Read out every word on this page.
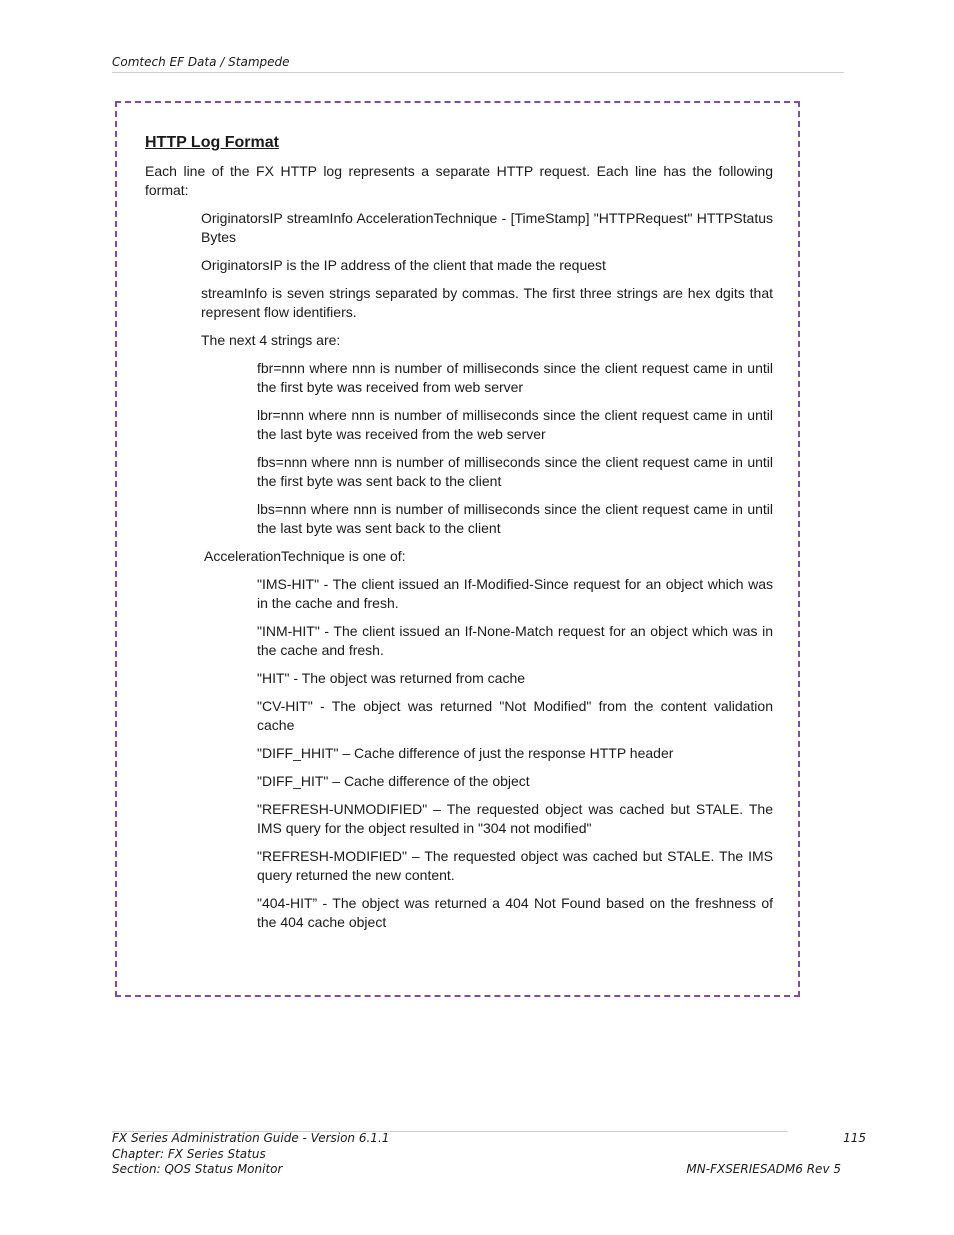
Comtech EF Data / Stampede
HTTP Log Format

Each line of the FX HTTP log represents a separate HTTP request. Each line has the following format:

OriginatorsIP streamInfo AccelerationTechnique - [TimeStamp] "HTTPRequest" HTTPStatus Bytes

OriginatorsIP is the IP address of the client that made the request

streamInfo is seven strings separated by commas. The first three strings are hex dgits that represent flow identifiers.

The next 4 strings are:

fbr=nnn where nnn is number of milliseconds since the client request came in until the first byte was received from web server

lbr=nnn where nnn is number of milliseconds since the client request came in until the last byte was received from the web server

fbs=nnn where nnn is number of milliseconds since the client request came in until the first byte was sent back to the client

lbs=nnn where nnn is number of milliseconds since the client request came in until the last byte was sent back to the client

AccelerationTechnique is one of:

"IMS-HIT" - The client issued an If-Modified-Since request for an object which was in the cache and fresh.

"INM-HIT" - The client issued an If-None-Match request for an object which was in the cache and fresh.

"HIT" - The object was returned from cache

"CV-HIT" - The object was returned "Not Modified" from the content validation cache

"DIFF_HHIT" – Cache difference of just the response HTTP header

"DIFF_HIT" – Cache difference of the object

"REFRESH-UNMODIFIED" – The requested object was cached but STALE. The IMS query for the object resulted in "304 not modified"

"REFRESH-MODIFIED" – The requested object was cached but STALE. The IMS query returned the new content.

"404-HIT” - The object was returned a 404 Not Found based on the freshness of the 404 cache object

FX Series Administration Guide - Version 6.1.1
Chapter: FX Series Status
Section: QOS Status Monitor
115
MN-FXSERIESADM6 Rev 5
